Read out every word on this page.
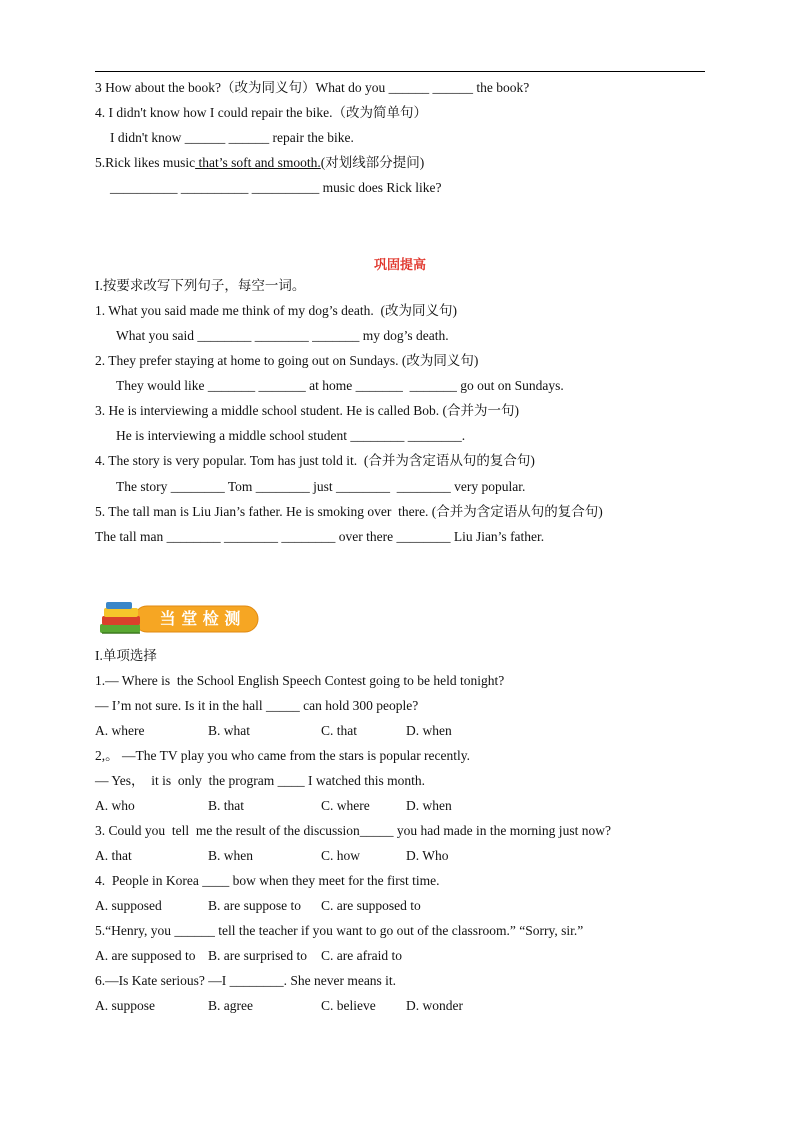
3 How about the book?（改为同义句）What do you ______ ______ the book?
4. I didn't know how I could repair the bike.（改为简单句）
I didn't know ______ ______ repair the bike.
5.Rick likes music that’s soft and smooth.(对划线部分提问)
__________ __________ __________ music does Rick like?
巩固提高
I.按要求改写下列句子，每空一词。
1. What you said made me think of my dog’s death.  (改为同义句)
What you said ________ ________ _______ my dog’s death.
2. They prefer staying at home to going out on Sundays. (改为同义句)
They would like _______ _______ at home _______  _______ go out on Sundays.
3. He is interviewing a middle school student. He is called Bob. (合并为一句)
He is interviewing a middle school student ________ ________.
4. The story is very popular. Tom has just told it.  (合并为含定语从句的复合句)
The story ________ Tom ________ just ________  ________ very popular.
5. The tall man is Liu Jian’s father. He is smoking over  there. (合并为含定语从句的复合句)
The tall man ________ ________ ________ over there ________ Liu Jian’s father.
当 堂 检 测
I.单项选择
1.— Where is  the School English Speech Contest going to be held tonight?
— I’m not sure. Is it in the hall _____ can hold 300 people?
A. where	B. what	C. that	D. when
2,。 —The TV play you who came from the stars is popular recently.
— Yes，  it is  only  the program ____ I watched this month.
A. who	B. that	C. where	D. when
3. Could you  tell  me the result of the discussion_____ you had made in the morning just now?
A. that	B. when	C. how	D. Who
4.  People in Korea ____ bow when they meet for the first time.
A. supposed	B. are suppose to C. are supposed to
5.“Henry, you ______ tell the teacher if you want to go out of the classroom.” “Sorry, sir.”
A. are supposed to B. are surprised to C. are afraid to
6.—Is Kate serious? —I ________. She never means it.
A. suppose	B. agree	C. believe D. wonder
